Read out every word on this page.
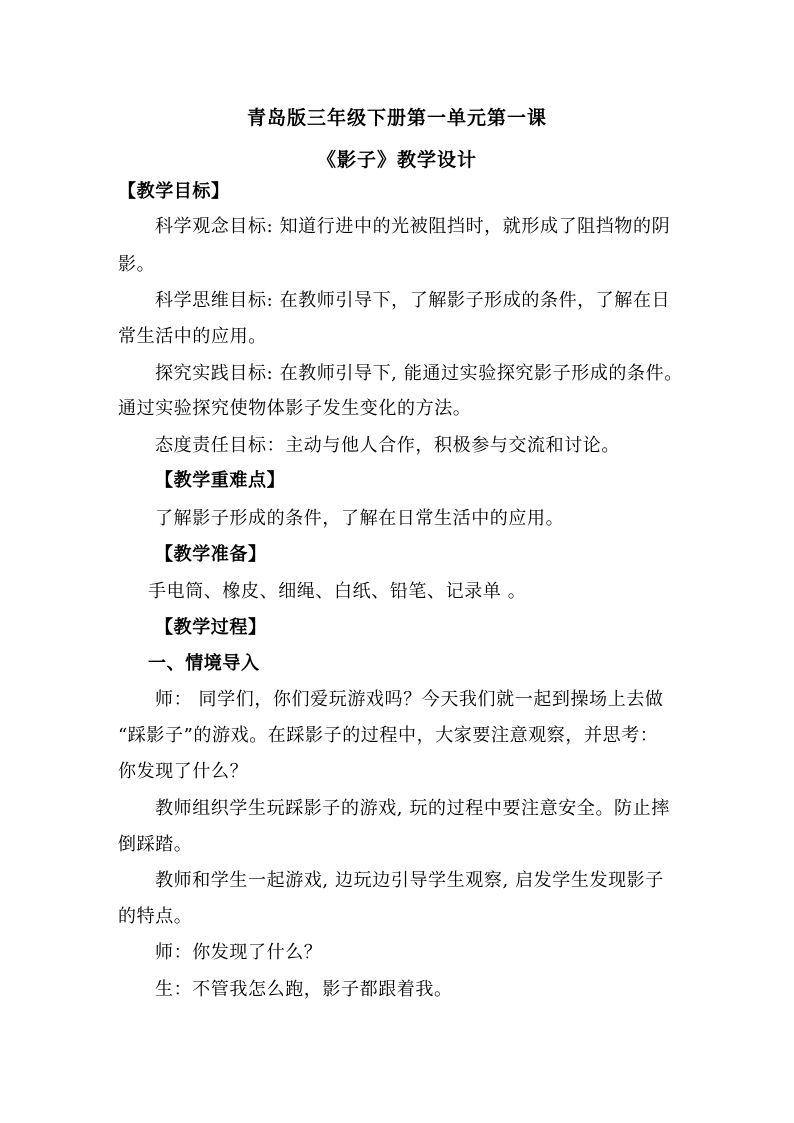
青岛版三年级下册第一单元第一课
《影子》教学设计
【教学目标】
科学观念目标: 知道行进中的光被阻挡时，就形成了阻挡物的阴
影。
科学思维目标: 在教师引导下，了解影子形成的条件，了解在日
常生活中的应用。
探究实践目标: 在教师引导下, 能通过实验探究影子形成的条件。
通过实验探究使物体影子发生变化的方法。
态度责任目标：主动与他人合作，积极参与交流和讨论。
【教学重难点】
了解影子形成的条件，了解在日常生活中的应用。
【教学准备】
手电筒、橡皮、细绳、白纸、铅笔、记录单 。
【教学过程】
一、情境导入
师： 同学们，你们爱玩游戏吗？今天我们就一起到操场上去做
“踩影子”的游戏。在踩影子的过程中，大家要注意观察，并思考：
你发现了什么？
教师组织学生玩踩影子的游戏, 玩的过程中要注意安全。防止摔
倒踩踏。
教师和学生一起游戏, 边玩边引导学生观察, 启发学生发现影子
的特点。
师：你发现了什么？
生：不管我怎么跑，影子都跟着我。
